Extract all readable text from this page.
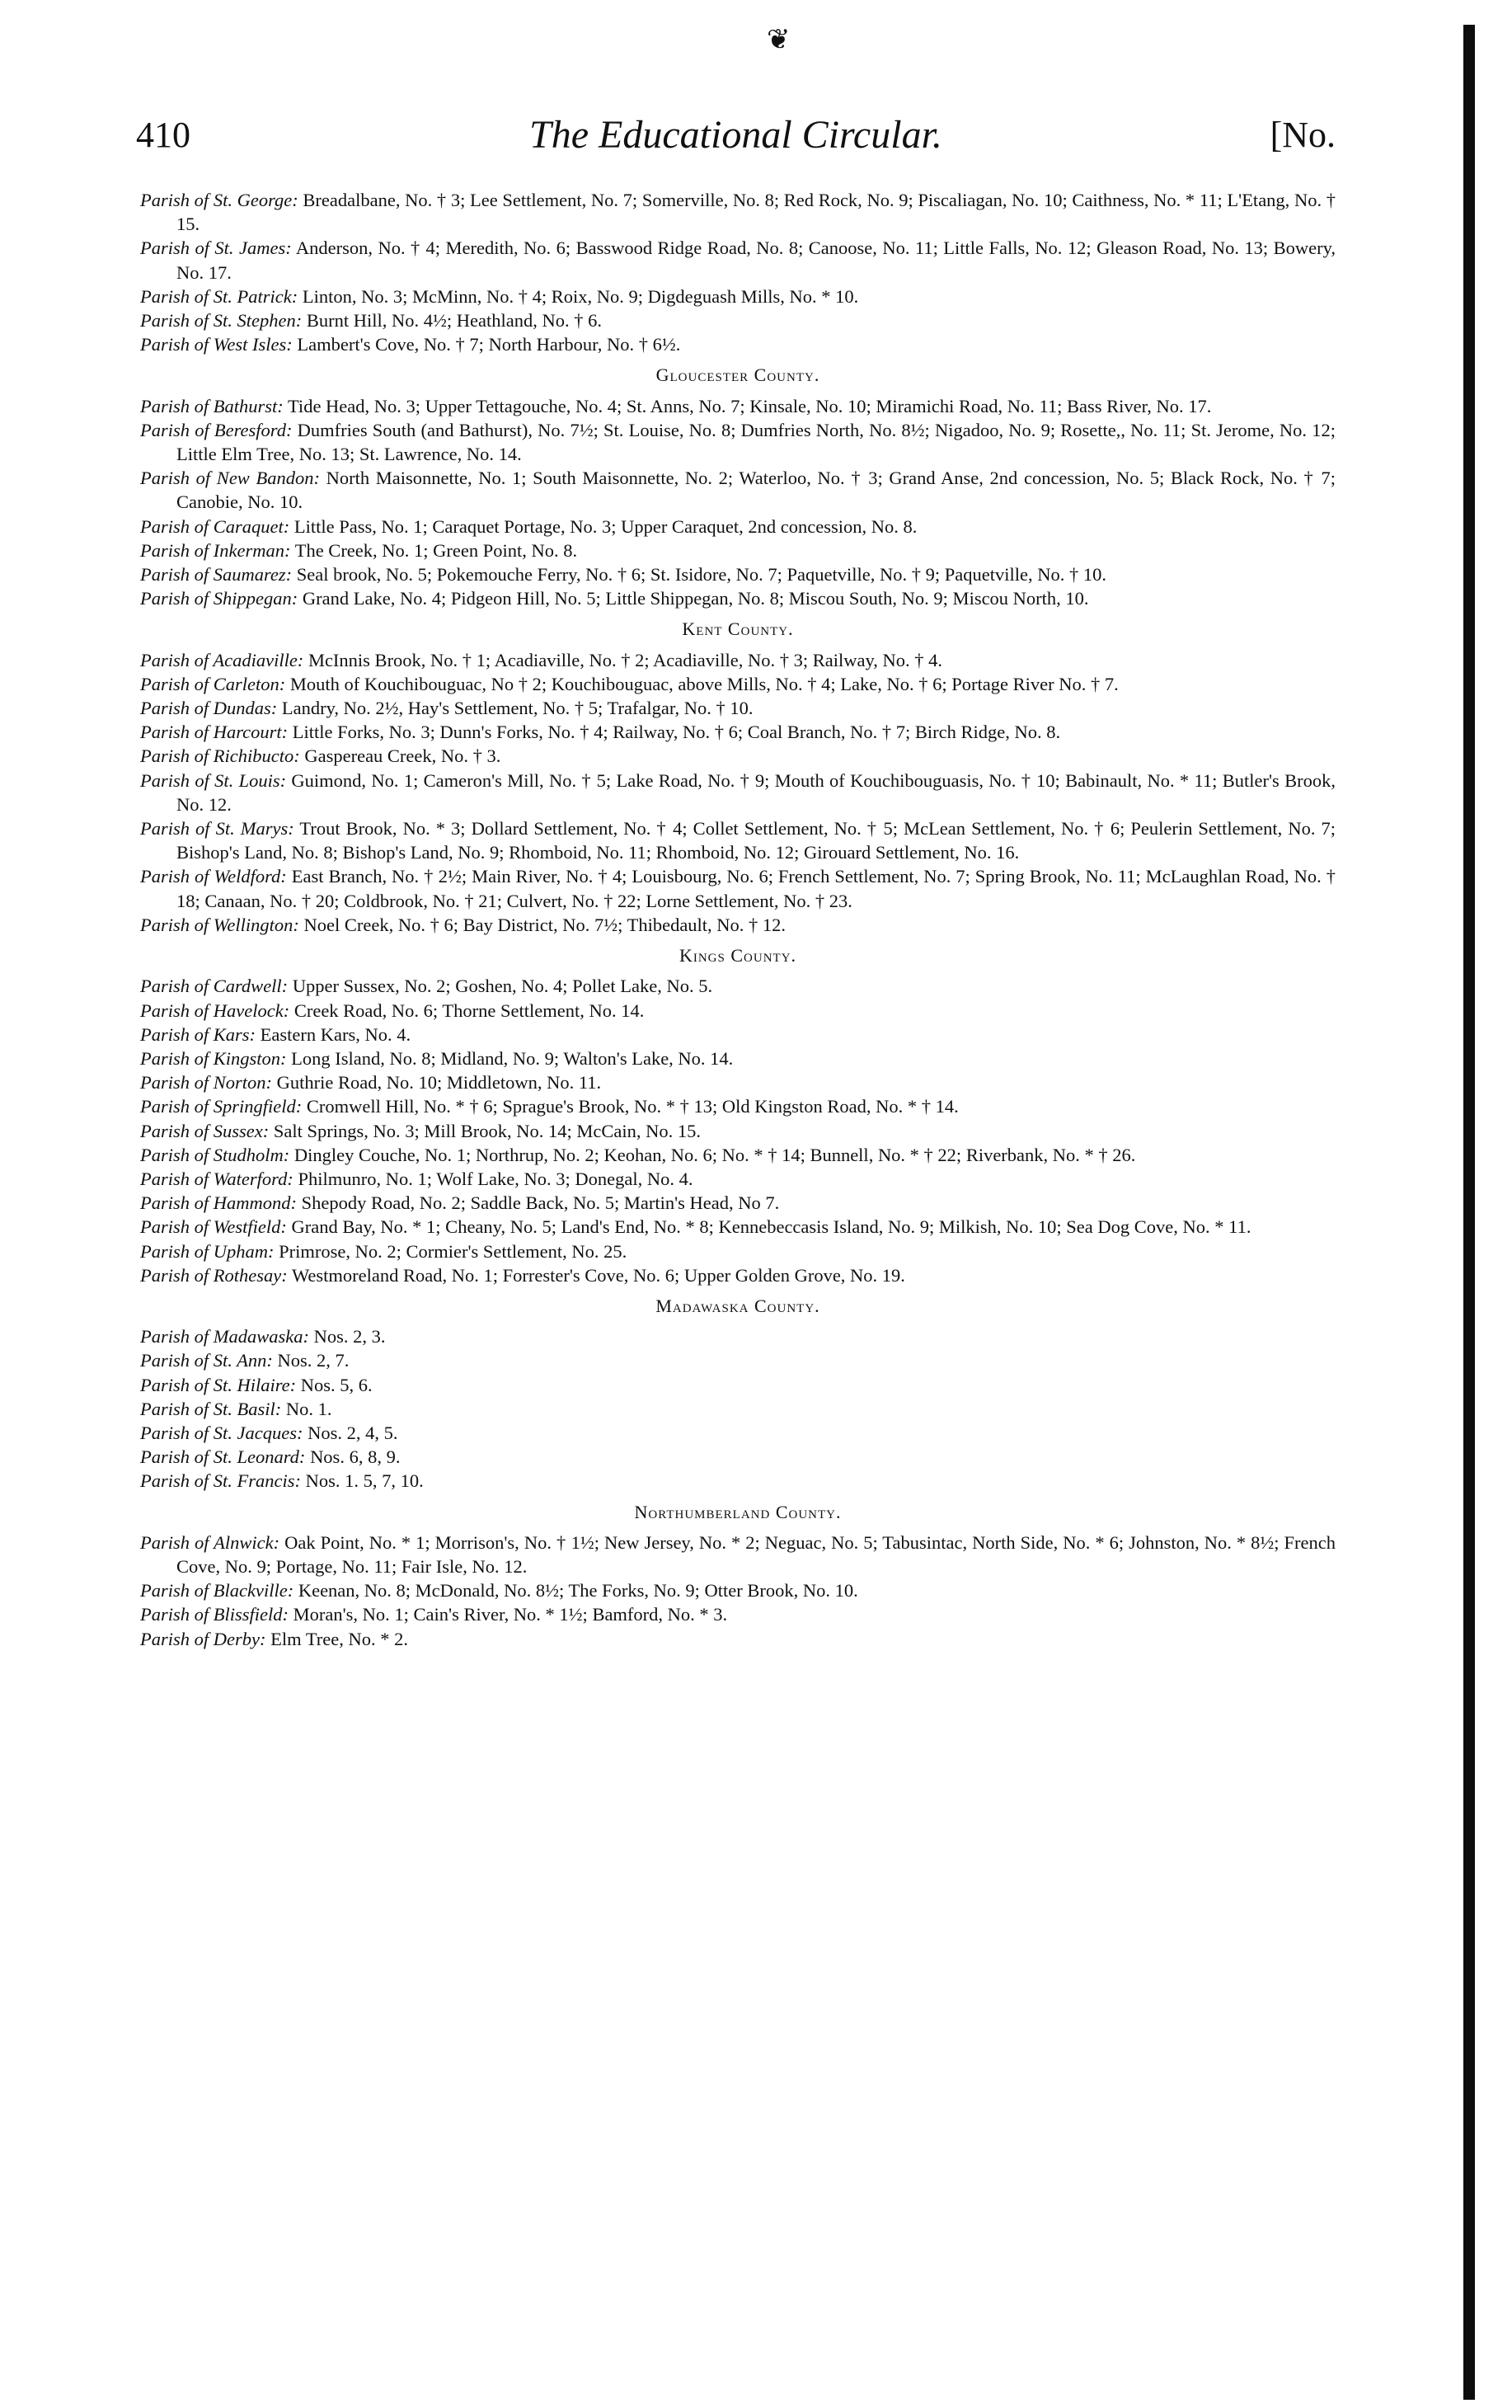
❦
410	The Educational Circular.	[No.

Parish of St. George: Breadalbane, No. † 3; Lee Settlement, No. 7; Somerville, No. 8; Red Rock, No. 9; Piscaliagan, No. 10; Caithness, No. * 11; L'Etang, No. † 15.

Parish of St. James: Anderson, No. † 4; Meredith, No. 6; Basswood Ridge Road, No. 8; Canoose, No. 11; Little Falls, No. 12; Gleason Road, No. 13; Bowery, No. 17.

Parish of St. Patrick: Linton, No. 3; McMinn, No. † 4; Roix, No. 9; Digdeguash Mills, No. * 10.

Parish of St. Stephen: Burnt Hill, No. 4½; Heathland, No. † 6.

Parish of West Isles: Lambert's Cove, No. † 7; North Harbour, No. † 6½.

Gloucester County.

Parish of Bathurst: Tide Head, No. 3; Upper Tettagouche, No. 4; St. Anns, No. 7; Kinsale, No. 10; Miramichi Road, No. 11; Bass River, No. 17.

Parish of Beresford: Dumfries South (and Bathurst), No. 7½; St. Louise, No. 8; Dumfries North, No. 8½; Nigadoo, No. 9; Rosette,, No. 11; St. Jerome, No. 12; Little Elm Tree, No. 13; St. Lawrence, No. 14.

Parish of New Bandon: North Maisonnette, No. 1; South Maisonnette, No. 2; Waterloo, No. † 3; Grand Anse, 2nd concession, No. 5; Black Rock, No. † 7; Canobie, No. 10.

Parish of Caraquet: Little Pass, No. 1; Caraquet Portage, No. 3; Upper Caraquet, 2nd concession, No. 8.

Parish of Inkerman: The Creek, No. 1; Green Point, No. 8.

Parish of Saumarez: Seal brook, No. 5; Pokemouche Ferry, No. † 6; St. Isidore, No. 7; Paquetville, No. † 9; Paquetville, No. † 10.

Parish of Shippegan: Grand Lake, No. 4; Pidgeon Hill, No. 5; Little Shippegan, No. 8; Miscou South, No. 9; Miscou North, 10.

Kent County.

Parish of Acadiaville: McInnis Brook, No. † 1; Acadiaville, No. † 2; Acadiaville, No. † 3; Railway, No. † 4.

Parish of Carleton: Mouth of Kouchibouguac, No † 2; Kouchibouguac, above Mills, No. † 4; Lake, No. † 6; Portage River No. † 7.

Parish of Dundas: Landry, No. 2½, Hay's Settlement, No. † 5; Trafalgar, No. † 10.

Parish of Harcourt: Little Forks, No. 3; Dunn's Forks, No. † 4; Railway, No. † 6; Coal Branch, No. † 7; Birch Ridge, No. 8.

Parish of Richibucto: Gaspereau Creek, No. † 3.

Parish of St. Louis: Guimond, No. 1; Cameron's Mill, No. † 5; Lake Road, No. † 9; Mouth of Kouchibouguasis, No. † 10; Babinault, No. * 11; Butler's Brook, No. 12.

Parish of St. Marys: Trout Brook, No. * 3; Dollard Settlement, No. † 4; Collet Settlement, No. † 5; McLean Settlement, No. † 6; Peulerin Settlement, No. 7; Bishop's Land, No. 8; Bishop's Land, No. 9; Rhomboid, No. 11; Rhomboid, No. 12; Girouard Settlement, No. 16.

Parish of Weldford: East Branch, No. † 2½; Main River, No. † 4; Louisbourg, No. 6; French Settlement, No. 7; Spring Brook, No. 11; McLaughlan Road, No. † 18; Canaan, No. † 20; Coldbrook, No. † 21; Culvert, No. † 22; Lorne Settlement, No. † 23.

Parish of Wellington: Noel Creek, No. † 6; Bay District, No. 7½; Thibedault, No. † 12.

Kings County.

Parish of Cardwell: Upper Sussex, No. 2; Goshen, No. 4; Pollet Lake, No. 5.

Parish of Havelock: Creek Road, No. 6; Thorne Settlement, No. 14.

Parish of Kars: Eastern Kars, No. 4.

Parish of Kingston: Long Island, No. 8; Midland, No. 9; Walton's Lake, No. 14.

Parish of Norton: Guthrie Road, No. 10; Middletown, No. 11.

Parish of Springfield: Cromwell Hill, No. * † 6; Sprague's Brook, No. * † 13; Old Kingston Road, No. * † 14.

Parish of Sussex: Salt Springs, No. 3; Mill Brook, No. 14; McCain, No. 15.

Parish of Studholm: Dingley Couche, No. 1; Northrup, No. 2; Keohan, No. 6; No. * † 14; Bunnell, No. * † 22; Riverbank, No. * † 26.

Parish of Waterford: Philmunro, No. 1; Wolf Lake, No. 3; Donegal, No. 4.

Parish of Hammond: Shepody Road, No. 2; Saddle Back, No. 5; Martin's Head, No 7.

Parish of Westfield: Grand Bay, No. * 1; Cheany, No. 5; Land's End, No. * 8; Kennebeccasis Island, No. 9; Milkish, No. 10; Sea Dog Cove, No. * 11.

Parish of Upham: Primrose, No. 2; Cormier's Settlement, No. 25.

Parish of Rothesay: Westmoreland Road, No. 1; Forrester's Cove, No. 6; Upper Golden Grove, No. 19.

Madawaska County.

Parish of Madawaska: Nos. 2, 3.

Parish of St. Ann: Nos. 2, 7.

Parish of St. Hilaire: Nos. 5, 6.

Parish of St. Basil: No. 1.

Parish of St. Jacques: Nos. 2, 4, 5.

Parish of St. Leonard: Nos. 6, 8, 9.

Parish of St. Francis: Nos. 1. 5, 7, 10.

Northumberland County.

Parish of Alnwick: Oak Point, No. * 1; Morrison's, No. † 1½; New Jersey, No. * 2; Neguac, No. 5; Tabusintac, North Side, No. * 6; Johnston, No. * 8½; French Cove, No. 9; Portage, No. 11; Fair Isle, No. 12.

Parish of Blackville: Keenan, No. 8; McDonald, No. 8½; The Forks, No. 9; Otter Brook, No. 10.

Parish of Blissfield: Moran's, No. 1; Cain's River, No. * 1½; Bamford, No. * 3.

Parish of Derby: Elm Tree, No. * 2.
